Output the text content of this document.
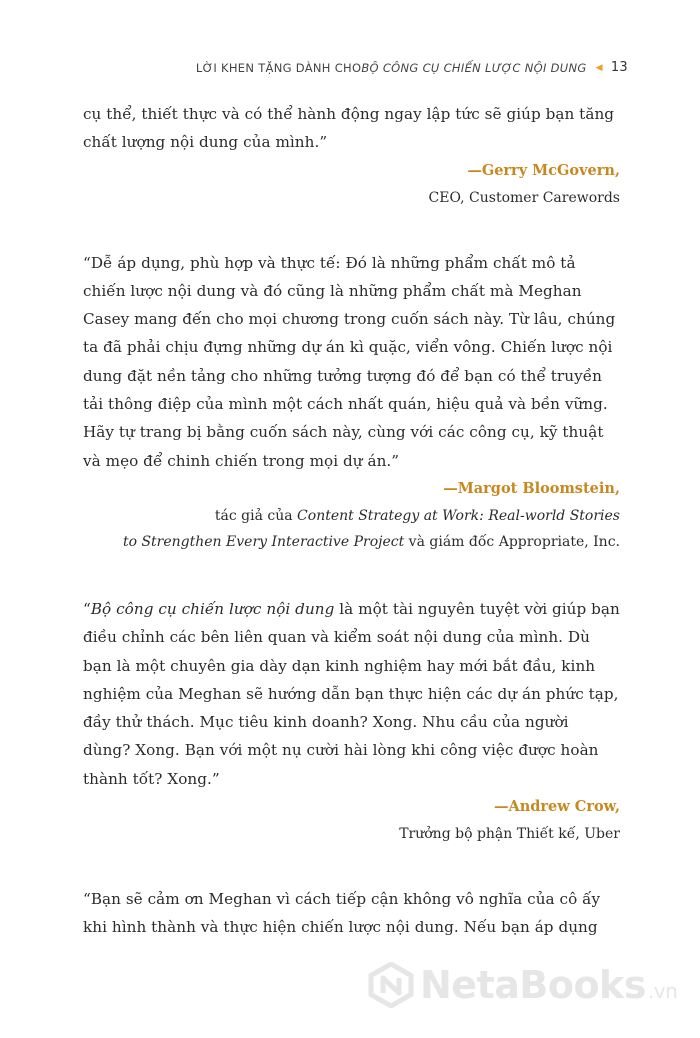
LỜI KHEN TẶNG DÀNH CHO BỘ CÔNG CỤ CHIẾN LƯỢC NỘI DUNG ◀ 13

cụ thể, thiết thực và có thể hành động ngay lập tức sẽ giúp bạn tăng chất lượng nội dung của mình.”

—Gerry McGovern,
CEO, Customer Carewords

“Dễ áp dụng, phù hợp và thực tế: Đó là những phẩm chất mô tả chiến lược nội dung và đó cũng là những phẩm chất mà Meghan Casey mang đến cho mọi chương trong cuốn sách này. Từ lâu, chúng ta đã phải chịu đựng những dự án kì quặc, viển vông. Chiến lược nội dung đặt nền tảng cho những tưởng tượng đó để bạn có thể truyền tải thông điệp của mình một cách nhất quán, hiệu quả và bền vững. Hãy tự trang bị bằng cuốn sách này, cùng với các công cụ, kỹ thuật và mẹo để chinh chiến trong mọi dự án.”

—Margot Bloomstein,
tác giả của Content Strategy at Work: Real-world Stories
to Strengthen Every Interactive Project và giám đốc Appropriate, Inc.

“Bộ công cụ chiến lược nội dung là một tài nguyên tuyệt vời giúp bạn điều chỉnh các bên liên quan và kiểm soát nội dung của mình. Dù bạn là một chuyên gia dày dạn kinh nghiệm hay mới bắt đầu, kinh nghiệm của Meghan sẽ hướng dẫn bạn thực hiện các dự án phức tạp, đầy thử thách. Mục tiêu kinh doanh? Xong. Nhu cầu của người dùng? Xong. Bạn với một nụ cười hài lòng khi công việc được hoàn thành tốt? Xong.”

—Andrew Crow,
Trưởng bộ phận Thiết kế, Uber

“Bạn sẽ cảm ơn Meghan vì cách tiếp cận không vô nghĩa của cô ấy khi hình thành và thực hiện chiến lược nội dung. Nếu bạn áp dụng

NetaBooks .vn
